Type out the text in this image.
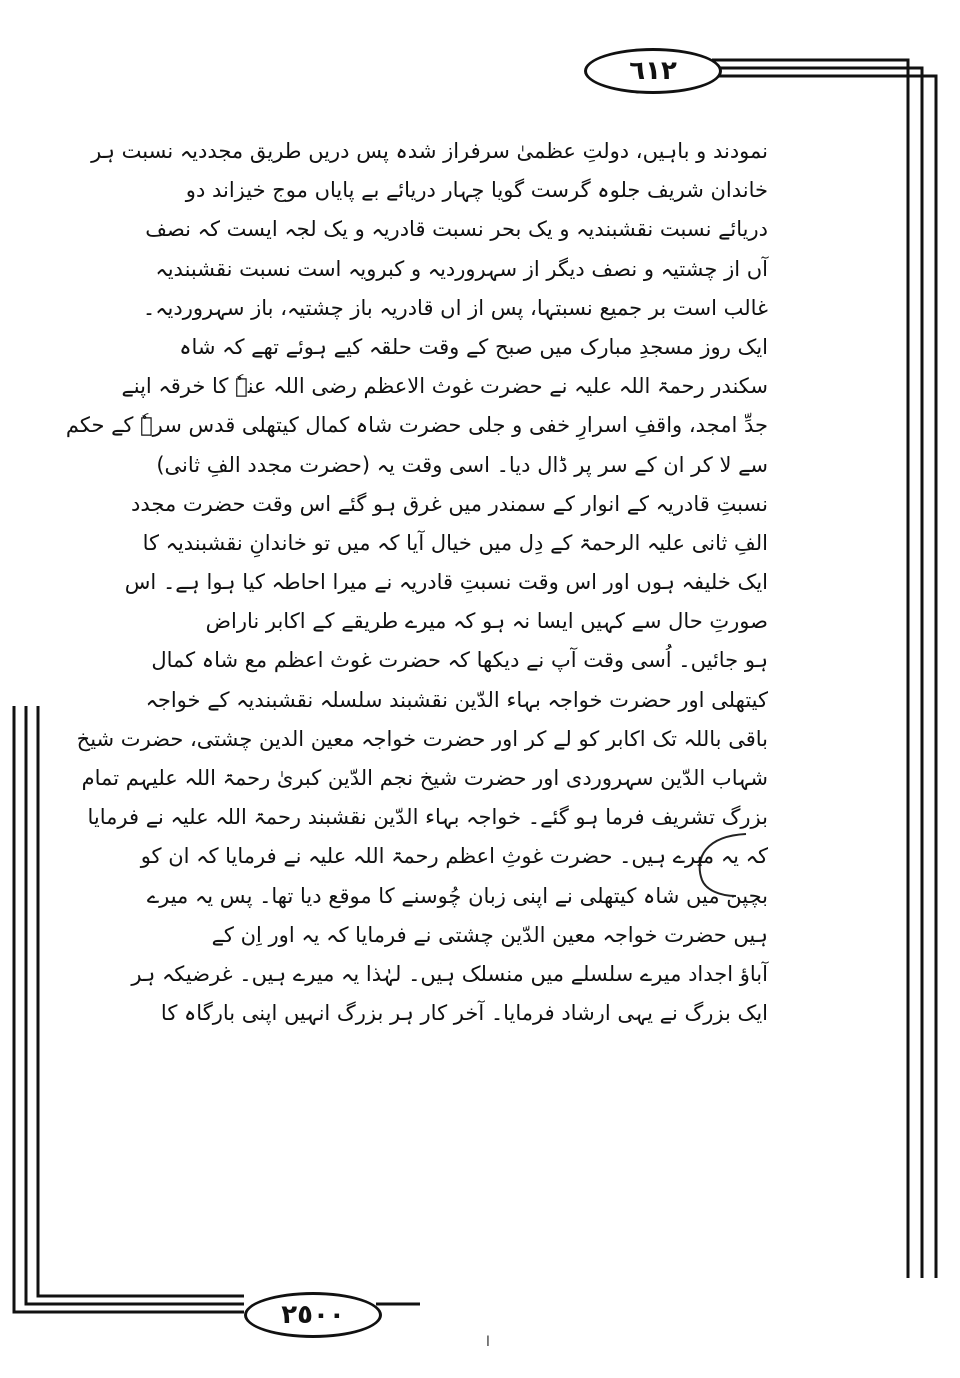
٦١٢
٢٥٠٠
ا
نمودند و باہیں، دولتِ عظمیٰ سرفراز شدہ پس دریں طریق مجددیہ نسبت ہر
خاندان شریف جلوہ گرست گویا چہار دریائے بے پایاں موج خیزاند دو
دریائے نسبت نقشبندیہ و یک بحر نسبت قادریہ و یک لجہ ایست کہ نصف
آں از چشتیہ و نصف دیگر از سہروردیہ و کبرویہ است نسبت نقشبندیہ
غالب است بر جمیع نسبتہا، پس از اں قادریہ باز چشتیہ، باز سہروردیہ۔
ایک روز مسجدِ مبارک میں صبح کے وقت حلقہ کیے ہوئے تھے کہ شاہ
سکندر رحمۃ اللہ علیہ نے حضرت غوث الاعظم رضی اللہ عنہٗ کا خرقہ اپنے
جدِّ امجد، واقفِ اسرارِ خفی و جلی حضرت شاہ کمال کیتھلی قدس سرہٗ کے حکم
سے لا کر ان کے سر پر ڈال دیا۔ اسی وقت یہ (حضرت مجدد الفِ ثانی)
نسبتِ قادریہ کے انوار کے سمندر میں غرق ہو گئے اس وقت حضرت مجدد
الفِ ثانی علیہ الرحمۃ کے دِل میں خیال آیا کہ میں تو خاندانِ نقشبندیہ کا
ایک خلیفہ ہوں اور اس وقت نسبتِ قادریہ نے میرا احاطہ کیا ہوا ہے۔ اس
صورتِ حال سے کہیں ایسا نہ ہو کہ میرے طریقے کے اکابر ناراض
ہو جائیں۔ اُسی وقت آپ نے دیکھا کہ حضرت غوث اعظم مع شاہ کمال
کیتھلی اور حضرت خواجہ بہاء الدّین نقشبند سلسلہ نقشبندیہ کے خواجہ
باقی باللہ تک اکابر کو لے کر اور حضرت خواجہ معین الدین چشتی، حضرت شیخ
شہاب الدّین سہروردی اور حضرت شیخ نجم الدّین کبریٰ رحمۃ اللہ علیہم تمام
بزرگ تشریف فرما ہو گئے۔ خواجہ بہاء الدّین نقشبند رحمۃ اللہ علیہ نے فرمایا
کہ یہ میرے ہیں۔ حضرت غوثِ اعظم رحمۃ اللہ علیہ نے فرمایا کہ ان کو
بچپن میں شاہ کیتھلی نے اپنی زبان چُوسنے کا موقع دیا تھا۔ پس یہ میرے
ہیں حضرت خواجہ معین الدّین چشتی نے فرمایا کہ یہ اور اِن کے
آباؤ اجداد میرے سلسلے میں منسلک ہیں۔ لہٰذا یہ میرے ہیں۔ غرضیکہ ہر
ایک بزرگ نے یہی ارشاد فرمایا۔ آخر کار ہر بزرگ انہیں اپنی بارگاہ کا
